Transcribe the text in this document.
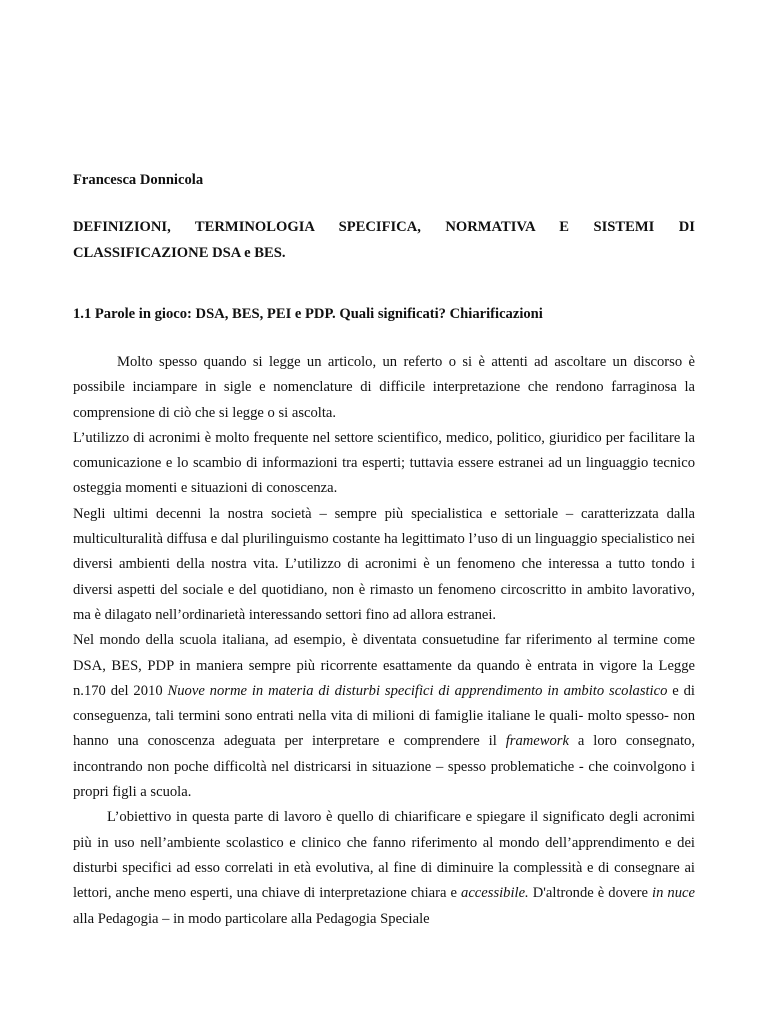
Francesca Donnicola

DEFINIZIONI, TERMINOLOGIA SPECIFICA, NORMATIVA E SISTEMI DI
CLASSIFICAZIONE DSA e BES.
1.1 Parole in gioco: DSA, BES, PEI e PDP. Quali significati? Chiarificazioni

Molto spesso quando si legge un articolo, un referto o si è attenti ad ascoltare un discorso è possibile inciampare in sigle e nomenclature di difficile interpretazione che rendono farraginosa la comprensione di ciò che si legge o si ascolta.

L’utilizzo di acronimi è molto frequente nel settore scientifico, medico, politico, giuridico per facilitare la comunicazione e lo scambio di informazioni tra esperti; tuttavia essere estranei ad un linguaggio tecnico osteggia momenti e situazioni di conoscenza.

Negli ultimi decenni la nostra società – sempre più specialistica e settoriale – caratterizzata dalla multiculturalità diffusa e dal plurilinguismo costante ha legittimato l’uso di un linguaggio specialistico nei diversi ambienti della nostra vita. L’utilizzo di acronimi è un fenomeno che interessa a tutto tondo i diversi aspetti del sociale e del quotidiano, non è rimasto un fenomeno circoscritto in ambito lavorativo, ma è dilagato nell’ordinarietà interessando settori fino ad allora estranei.

Nel mondo della scuola italiana, ad esempio, è diventata consuetudine far riferimento al termine come DSA, BES, PDP in maniera sempre più ricorrente esattamente da quando è entrata in vigore la Legge n.170 del 2010 Nuove norme in materia di disturbi specifici di apprendimento in ambito scolastico e di conseguenza, tali termini sono entrati nella vita di milioni di famiglie italiane le quali- molto spesso- non hanno una conoscenza adeguata per interpretare e comprendere il framework a loro consegnato, incontrando non poche difficoltà nel districarsi in situazione – spesso problematiche - che coinvolgono i propri figli a scuola.

L’obiettivo in questa parte di lavoro è quello di chiarificare e spiegare il significato degli acronimi più in uso nell’ambiente scolastico e clinico che fanno riferimento al mondo dell’apprendimento e dei disturbi specifici ad esso correlati in età evolutiva, al fine di diminuire la complessità e di consegnare ai lettori, anche meno esperti, una chiave di interpretazione chiara e accessibile. D'altronde è dovere in nuce alla Pedagogia – in modo particolare alla Pedagogia Speciale
